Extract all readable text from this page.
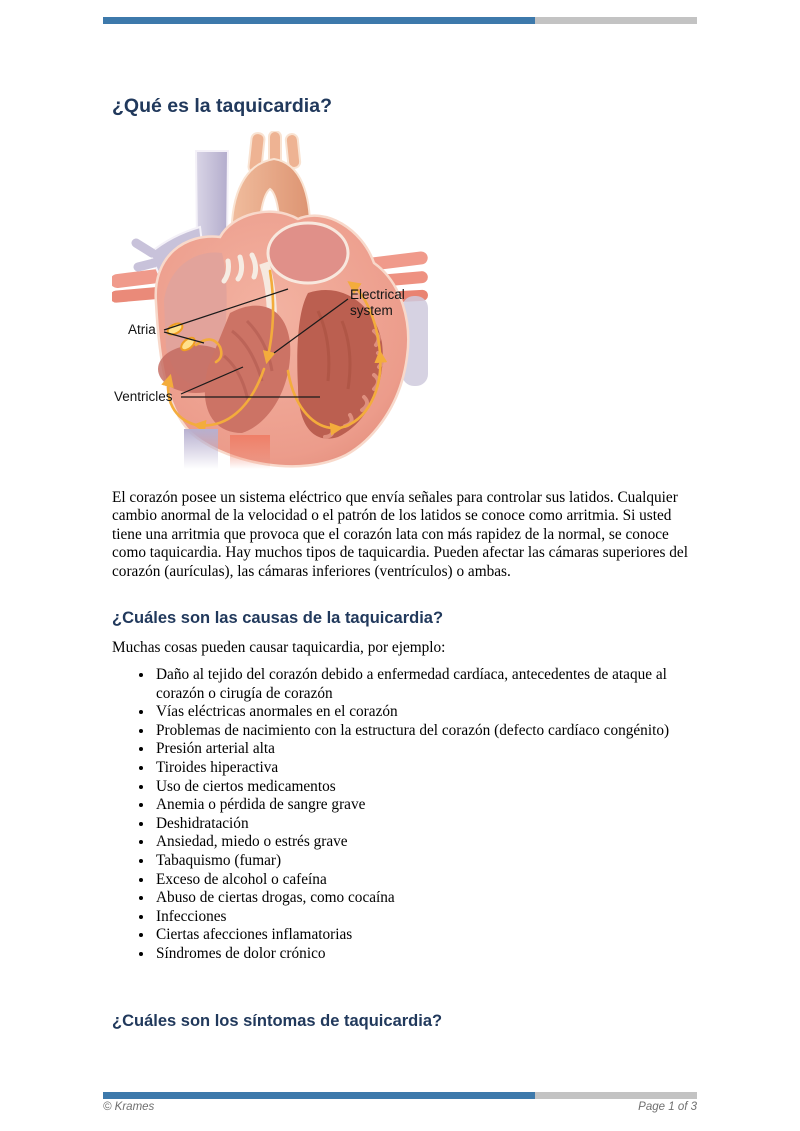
¿Qué es la taquicardia?
Atria
Electrical system
Ventricles
El corazón posee un sistema eléctrico que envía señales para controlar sus latidos. Cualquier cambio anormal de la velocidad o el patrón de los latidos se conoce como arritmia. Si usted tiene una arritmia que provoca que el corazón lata con más rapidez de la normal, se conoce como taquicardia. Hay muchos tipos de taquicardia. Pueden afectar las cámaras superiores del corazón (aurículas), las cámaras inferiores (ventrículos) o ambas.
¿Cuáles son las causas de la taquicardia?
Muchas cosas pueden causar taquicardia, por ejemplo:
• Daño al tejido del corazón debido a enfermedad cardíaca, antecedentes de ataque al corazón o cirugía de corazón
• Vías eléctricas anormales en el corazón
• Problemas de nacimiento con la estructura del corazón (defecto cardíaco congénito)
• Presión arterial alta
• Tiroides hiperactiva
• Uso de ciertos medicamentos
• Anemia o pérdida de sangre grave
• Deshidratación
• Ansiedad, miedo o estrés grave
• Tabaquismo (fumar)
• Exceso de alcohol o cafeína
• Abuso de ciertas drogas, como cocaína
• Infecciones
• Ciertas afecciones inflamatorias
• Síndromes de dolor crónico
¿Cuáles son los síntomas de taquicardia?
© Krames	Page 1 of 3
